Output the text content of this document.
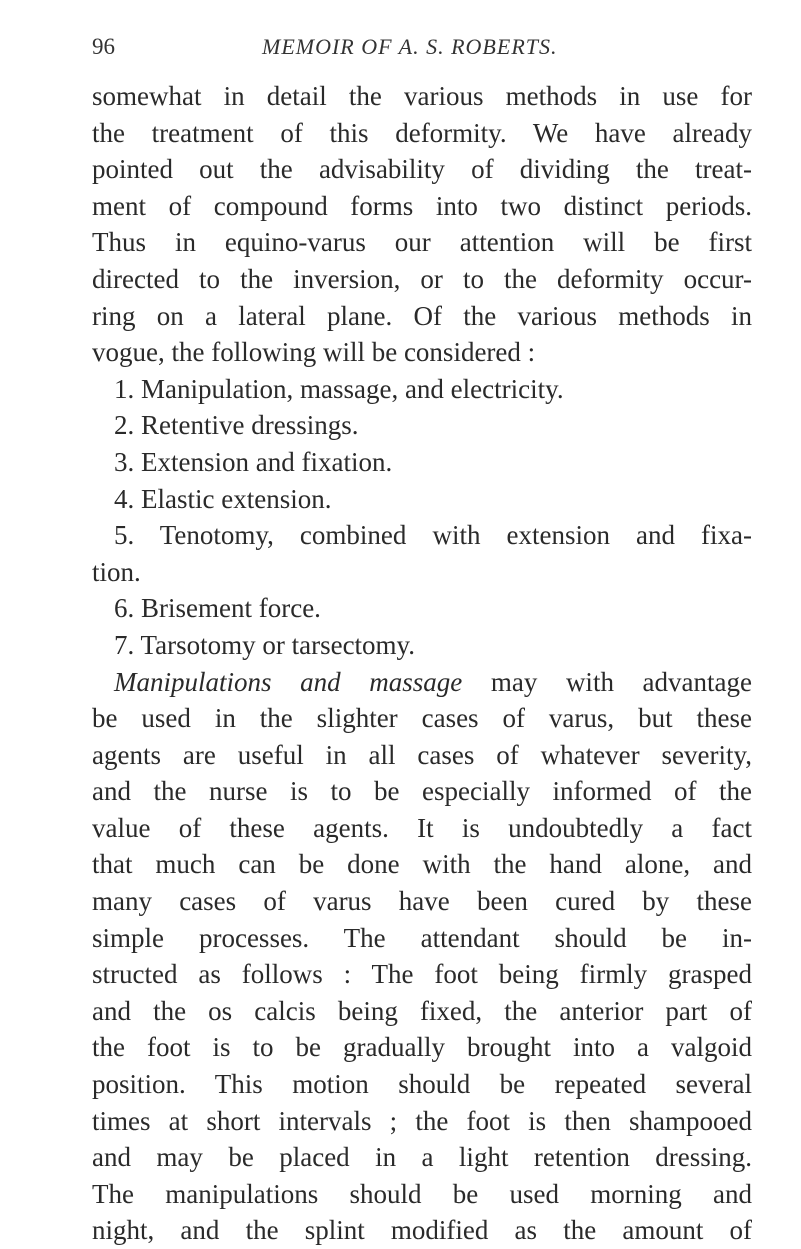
96	MEMOIR OF A. S. ROBERTS.
somewhat in detail the various methods in use for
the treatment of this deformity. We have already
pointed out the advisability of dividing the treat-
ment of compound forms into two distinct periods.
Thus in equino-varus our attention will be first
directed to the inversion, or to the deformity occur-
ring on a lateral plane. Of the various methods in
vogue, the following will be considered :
1. Manipulation, massage, and electricity.
2. Retentive dressings.
3. Extension and fixation.
4. Elastic extension.
5. Tenotomy, combined with extension and fixa-
tion.
6. Brisement force.
7. Tarsotomy or tarsectomy.
Manipulations and massage may with advantage
be used in the slighter cases of varus, but these
agents are useful in all cases of whatever severity,
and the nurse is to be especially informed of the
value of these agents. It is undoubtedly a fact
that much can be done with the hand alone, and
many cases of varus have been cured by these
simple processes. The attendant should be in-
structed as follows : The foot being firmly grasped
and the os calcis being fixed, the anterior part of
the foot is to be gradually brought into a valgoid
position. This motion should be repeated several
times at short intervals ; the foot is then shampooed
and may be placed in a light retention dressing.
The manipulations should be used morning and
night, and the splint modified as the amount of
